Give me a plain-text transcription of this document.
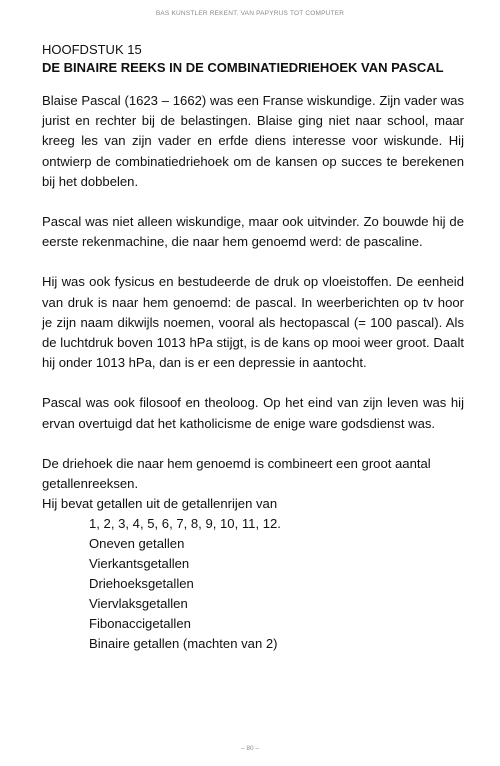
BAS KUNSTLER REKENT. VAN PAPYRUS TOT COMPUTER
HOOFDSTUK 15
DE BINAIRE REEKS IN DE COMBINATIEDRIEHOEK VAN PASCAL

Blaise Pascal (1623 – 1662) was een Franse wiskundige. Zijn vader was jurist en rechter bij de belastingen. Blaise ging niet naar school, maar kreeg les van zijn vader en erfde diens interesse voor wiskunde. Hij ontwierp de combinatiedriehoek om de kansen op succes te berekenen bij het dobbelen.

Pascal was niet alleen wiskundige, maar ook uitvinder. Zo bouwde hij de eerste rekenmachine, die naar hem genoemd werd: de pascaline.

Hij was ook fysicus en bestudeerde de druk op vloeistoffen. De eenheid van druk is naar hem genoemd: de pascal. In weerberichten op tv hoor je zijn naam dikwijls noemen, vooral als hectopascal (= 100 pascal). Als de luchtdruk boven 1013 hPa stijgt, is de kans op mooi weer groot. Daalt hij onder 1013 hPa, dan is er een depressie in aantocht.

Pascal was ook filosoof en theoloog. Op het eind van zijn leven was hij ervan overtuigd dat het katholicisme de enige ware godsdienst was.

De driehoek die naar hem genoemd is combineert een groot aantal getallenreeksen.

Hij bevat getallen uit de getallenrijen van

1, 2, 3, 4, 5, 6, 7, 8, 9, 10, 11, 12.
Oneven getallen
Vierkantsgetallen
Driehoeksgetallen
Viervlaksgetallen
Fibonaccigetallen
Binaire getallen (machten van 2)
– 80 –
